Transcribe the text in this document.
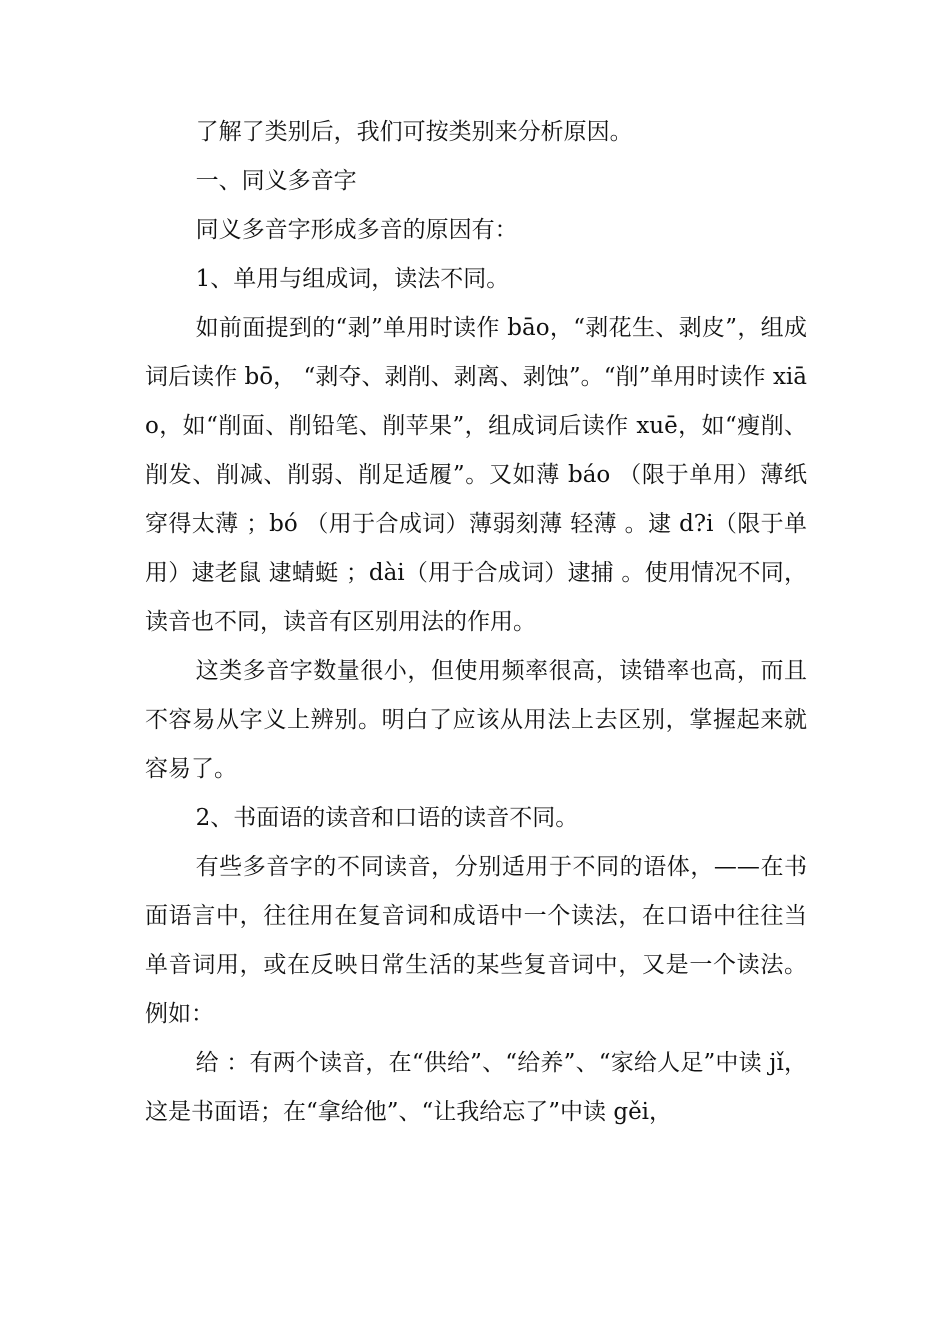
了解了类别后，我们可按类别来分析原因。

一、同义多音字

同义多音字形成多音的原因有：

1、单用与组成词，读法不同。

如前面提到的“剥”单用时读作 bāo，“剥花生、剥皮”，组成词后读作 bō， “剥夺、剥削、剥离、剥蚀”。“削”单用时读作 xiāo，如“削面、削铅笔、削苹果”，组成词后读作 xuē，如“瘦削、削发、削减、削弱、削足适履”。又如薄 báo （限于单用）薄纸 穿得太薄 ；bó （用于合成词）薄弱刻薄 轻薄 。逮 d?i（限于单用）逮老鼠 逮蜻蜓 ；dài（用于合成词）逮捕 。使用情况不同，读音也不同，读音有区别用法的作用。

这类多音字数量很小，但使用频率很高，读错率也高，而且不容易从字义上辨别。明白了应该从用法上去区别，掌握起来就容易了。

2、书面语的读音和口语的读音不同。

有些多音字的不同读音，分别适用于不同的语体，——在书面语言中，往往用在复音词和成语中一个读法，在口语中往往当单音词用，或在反映日常生活的某些复音词中，又是一个读法。例如：

给 ：有两个读音，在“供给”、“给养”、“家给人足”中读 jǐ，这是书面语；在“拿给他”、“让我给忘了”中读 gěi，
